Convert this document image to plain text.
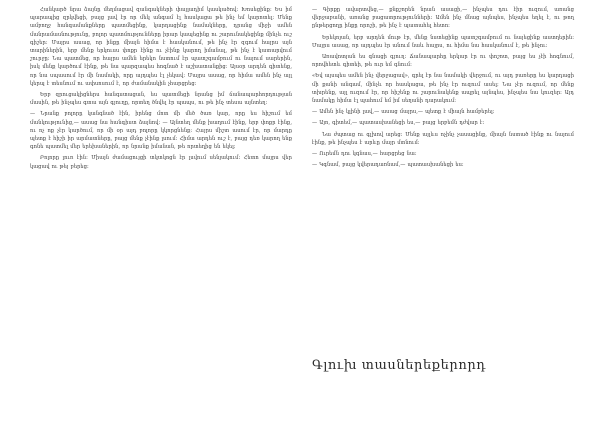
Հանկարծ նրա ձայնը մեղմացավ զանգակների փայլադիմ կասկածով։ Խոսեցինք: Ես իմ պարապից զրկվեցի, բայց լավ էր որ մեկ անգամ էլ հասկացա թե ինչ եմ կարոտել: Մենք ամբողջ հանգամանքները պատմեցինք, կարդացինք նամակները, դրանց միջի ամեն մանրամասնությունը, բոլոր պատմությունները իրար կապեցինք ու շարունակեցինք մինչև ուշ գիշեր: Մայրս ասաց, որ ինքը միայն հիմա է հասկանում, թե ինչ էր զգում հայրս այն տարիներին, երբ մենք երկուսս փոքր էինք ու չէինք կարող իմանալ, թե ինչ է կատարվում շուրջը: Նա պատմեց, որ հայրս ամեն երեկո նստում էր պատշգամբում ու նայում սարերին, իսկ մենք կարծում էինք, թե նա պարզապես հոգնած է աշխատանքից: Այսօր արդեն գիտենք, որ նա սպասում էր մի նամակի, որը այդպես էլ չեկավ: Մայրս ասաց, որ հիմա ամեն ինչ այլ կերպ է տեսնում ու ափսոսում է, որ ժամանակին չհարցրեց։

Երբ զրուցակիցներս հանգստացան, ես պատմեցի նրանց իմ ճանապարհորդության մասին, թե ինչպես գտա այն գյուղը, որտեղ ծնվել էր պապս, ու թե ինչ տեսա այնտեղ։

— Նրանք բոլորը կանգնած էին, իրենց մոտ մի մեծ ծառ կար, որը ես հիշում եմ մանկությունից,— ասաց նա հանգիստ ձայնով: — Այնտեղ մենք խաղում էինք, երբ փոքր էինք, ու ոչ ոք չէր կարծում, որ մի օր այդ բոլորը կկորցնենք։ Հայրս միշտ ասում էր, որ մարդը պետք է հիշի իր արմատները, բայց մենք չէինք լսում։ Հիմա արդեն ուշ է, բայց դեռ կարող ենք գոնե պատմել մեր երեխաներին, որ նրանք իմանան, թե որտեղից են եկել։

Բոլորը լուռ էին։ Միայն ժամացույցի տկտկոցն էր լսվում սենյակում։ Հետո մայրս վեր կացավ ու թեյ բերեց։

— Գիրքը ավարտվեց,— քնքշորեն նրան ասացի,— ինչպես դու էիր ուզում, առանց վերջաբանի, առանց բացատրությունների։ Ամեն ինչ մնաց այնպես, ինչպես եղել է, ու թող ընթերցողը ինքը որոշի, թե ինչ է պատահել հետո։

Երեկոյան, երբ արդեն մութ էր, մենք նստեցինք պատշգամբում ու նայեցինք աստղերին։ Մայրս ասաց, որ այդպես էր անում նաև հայրս, ու հիմա նա հասկանում է, թե ինչու։

Առավոտյան ես գնացի գյուղ։ Ճանապարհը երկար էր ու փոշոտ, բայց ես չէի հոգնում, որովհետև գիտեի, թե ուր եմ գնում։

«Եվ այսպես ամեն ինչ վերջացավ», գրել էր նա նամակի վերջում, ու այդ բառերը ես կարդացի մի քանի անգամ, մինչև որ հասկացա, թե ինչ էր ուզում ասել։ Նա չէր ուզում, որ մենք տխրենք, այլ ուզում էր, որ հիշենք ու շարունակենք ապրել այնպես, ինչպես նա կուզեր։ Այդ նամակը հիմա էլ պահում եմ իմ սեղանի դարակում։

— Ամեն ինչ կլինի լավ,— ասաց մայրս,— պետք է միայն համբերել։

— Այո, գիտեմ,— պատասխանեցի ես,— բայց երբեմն դժվար է։

Նա ժպտաց ու գլխով արեց։ Մենք այլևս ոչինչ չասացինք, միայն նստած էինք ու նայում էինք, թե ինչպես է արևը մայր մտնում։

— Ուրեմն դու կգնաս,— հարցրեց նա։

— Կգնամ, բայց կվերադառնամ,— պատասխանեցի ես։

Գլուխ տասներեքերորդ
